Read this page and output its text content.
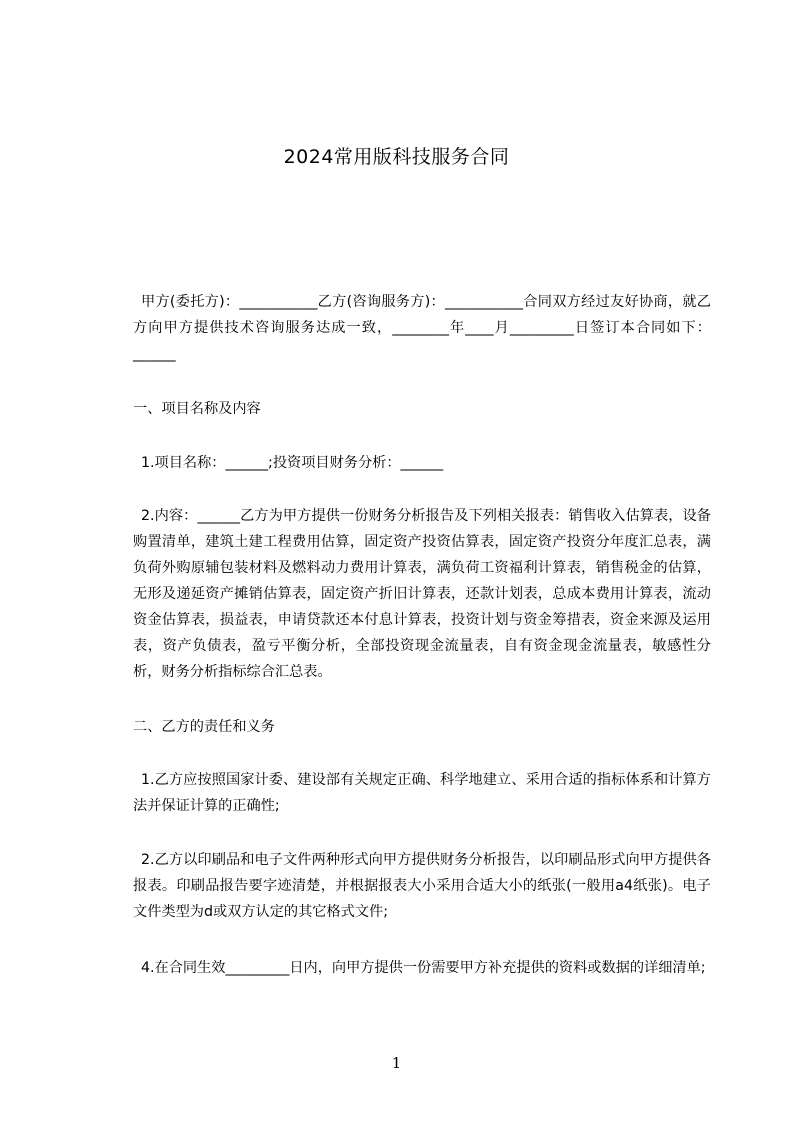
2024常用版科技服务合同

甲方(委托方)：___________乙方(咨询服务方)：___________合同双方经过友好协商，就乙方向甲方提供技术咨询服务达成一致，________年____月_________日签订本合同如下：______

一、项目名称及内容

1.项目名称：______;投资项目财务分析：______

2.内容：______乙方为甲方提供一份财务分析报告及下列相关报表：销售收入估算表，设备购置清单，建筑土建工程费用估算，固定资产投资估算表，固定资产投资分年度汇总表，满负荷外购原辅包装材料及燃料动力费用计算表，满负荷工资福利计算表，销售税金的估算，无形及递延资产摊销估算表，固定资产折旧计算表，还款计划表，总成本费用计算表，流动资金估算表，损益表，申请贷款还本付息计算表，投资计划与资金筹措表，资金来源及运用表，资产负债表，盈亏平衡分析，全部投资现金流量表，自有资金现金流量表，敏感性分析，财务分析指标综合汇总表。

二、乙方的责任和义务

1.乙方应按照国家计委、建设部有关规定正确、科学地建立、采用合适的指标体系和计算方法并保证计算的正确性;

2.乙方以印刷品和电子文件两种形式向甲方提供财务分析报告，以印刷品形式向甲方提供各报表。印刷品报告要字迹清楚，并根据报表大小采用合适大小的纸张(一般用a4纸张)。电子文件类型为d或双方认定的其它格式文件;

4.在合同生效_________日内，向甲方提供一份需要甲方补充提供的资料或数据的详细清单;

1
